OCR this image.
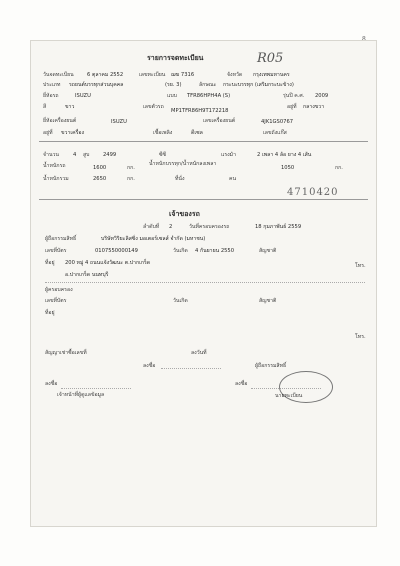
R05
รายการจดทะเบียน
วันจดทะเบียน	6 ตุลาคม 2552	เลขทะเบียน ฌฆ 7316	จังหวัด กรุงเทพมหานคร
ประเภท รถยนต์บรรทุกส่วนบุคคล	(รย. 3)	ลักษณะ กระบะบรรทุก (เสริมกระบะข้าง)
ยี่ห้อรถ	ISUZU	แบบ TFR86HPH4A (S)	รุ่นปี ค.ศ. 2009
สี	ขาว	เลขตัวรถ
MP1TFR86H9T172218
อยู่ที่ กลางขวา
ยี่ห้อเครื่องยนต์	ISUZU	เลขเครื่องยนต์	4JK1GS0767
อยู่ที่ ขวาเครื่อง	เชื้อเพลิง	ดีเซล	เลขถังแก๊ส
จำนวน	4 สูบ	2499	ซีซี	แรงม้า	2 เพลา 4 ล้อ ยาง 4 เส้น
น้ำหนักรถ	1600	กก.
น้ำหนักบรรทุก/น้ำหนักลงเพลา
1050	กก.
น้ำหนักรวม	2650	กก.	ที่นั่ง	คน
4710420
เจ้าของรถ
ลำดับที่ 2	วันที่ครอบครองรถ	18 กุมภาพันธ์ 2559
ผู้ถือกรรมสิทธิ์	บริษัทวิริยะลิสซิ่ง มอเตอร์เซลส์ จำกัด (มหาชน)
เลขที่บัตร	0107550000149	วันเกิด 4 กันยายน 2550	สัญชาติ
ที่อยู่ 200 หมู่ 4 ถนนแจ้งวัฒนะ ต.ปากเกร็ด	โทร.
อ.ปากเกร็ด นนทบุรี
ผู้ครอบครอง
เลขที่บัตร	วันเกิด	สัญชาติ
ที่อยู่
โทร.
สัญญาเช่าซื้อเลขที่	ลงวันที่
ลงชื่อ	ผู้ถือกรรมสิทธิ์
ลงชื่อ	ลงชื่อ
เจ้าหน้าที่ผู้ดูแลข้อมูล	นายทะเบียน
